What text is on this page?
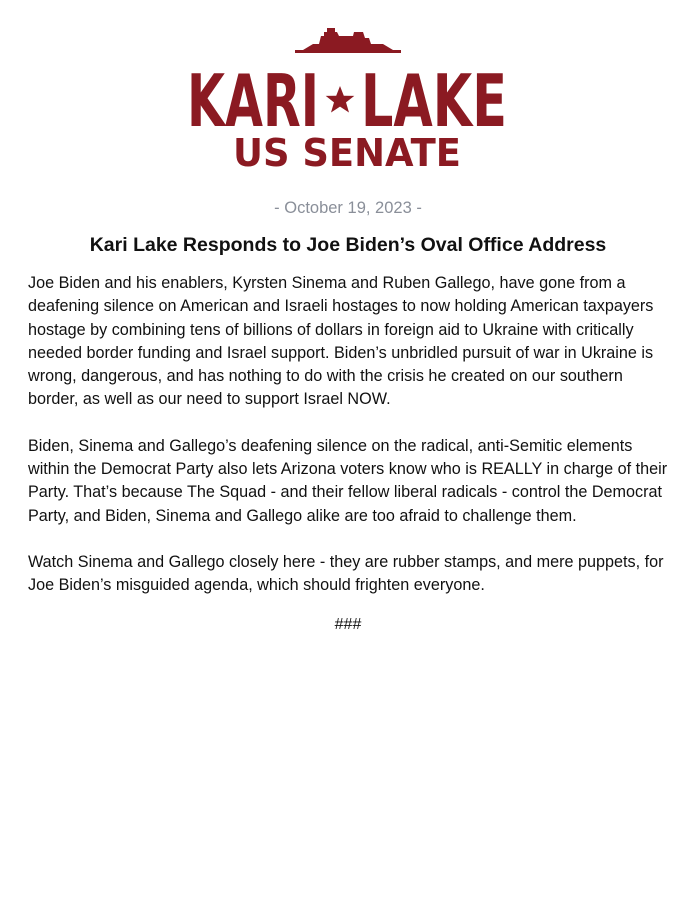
KARI LAKE
US SENATE
- October 19, 2023 -
Kari Lake Responds to Joe Biden’s Oval Office Address

Joe Biden and his enablers, Kyrsten Sinema and Ruben Gallego, have gone from a deafening silence on American and Israeli hostages to now holding American taxpayers hostage by combining tens of billions of dollars in foreign aid to Ukraine with critically needed border funding and Israel support. Biden’s unbridled pursuit of war in Ukraine is wrong, dangerous, and has nothing to do with the crisis he created on our southern border, as well as our need to support Israel NOW.

Biden, Sinema and Gallego’s deafening silence on the radical, anti-Semitic elements within the Democrat Party also lets Arizona voters know who is REALLY in charge of their Party. That’s because The Squad - and their fellow liberal radicals - control the Democrat Party, and Biden, Sinema and Gallego alike are too afraid to challenge them.

Watch Sinema and Gallego closely here - they are rubber stamps, and mere puppets, for Joe Biden’s misguided agenda, which should frighten everyone.

###
